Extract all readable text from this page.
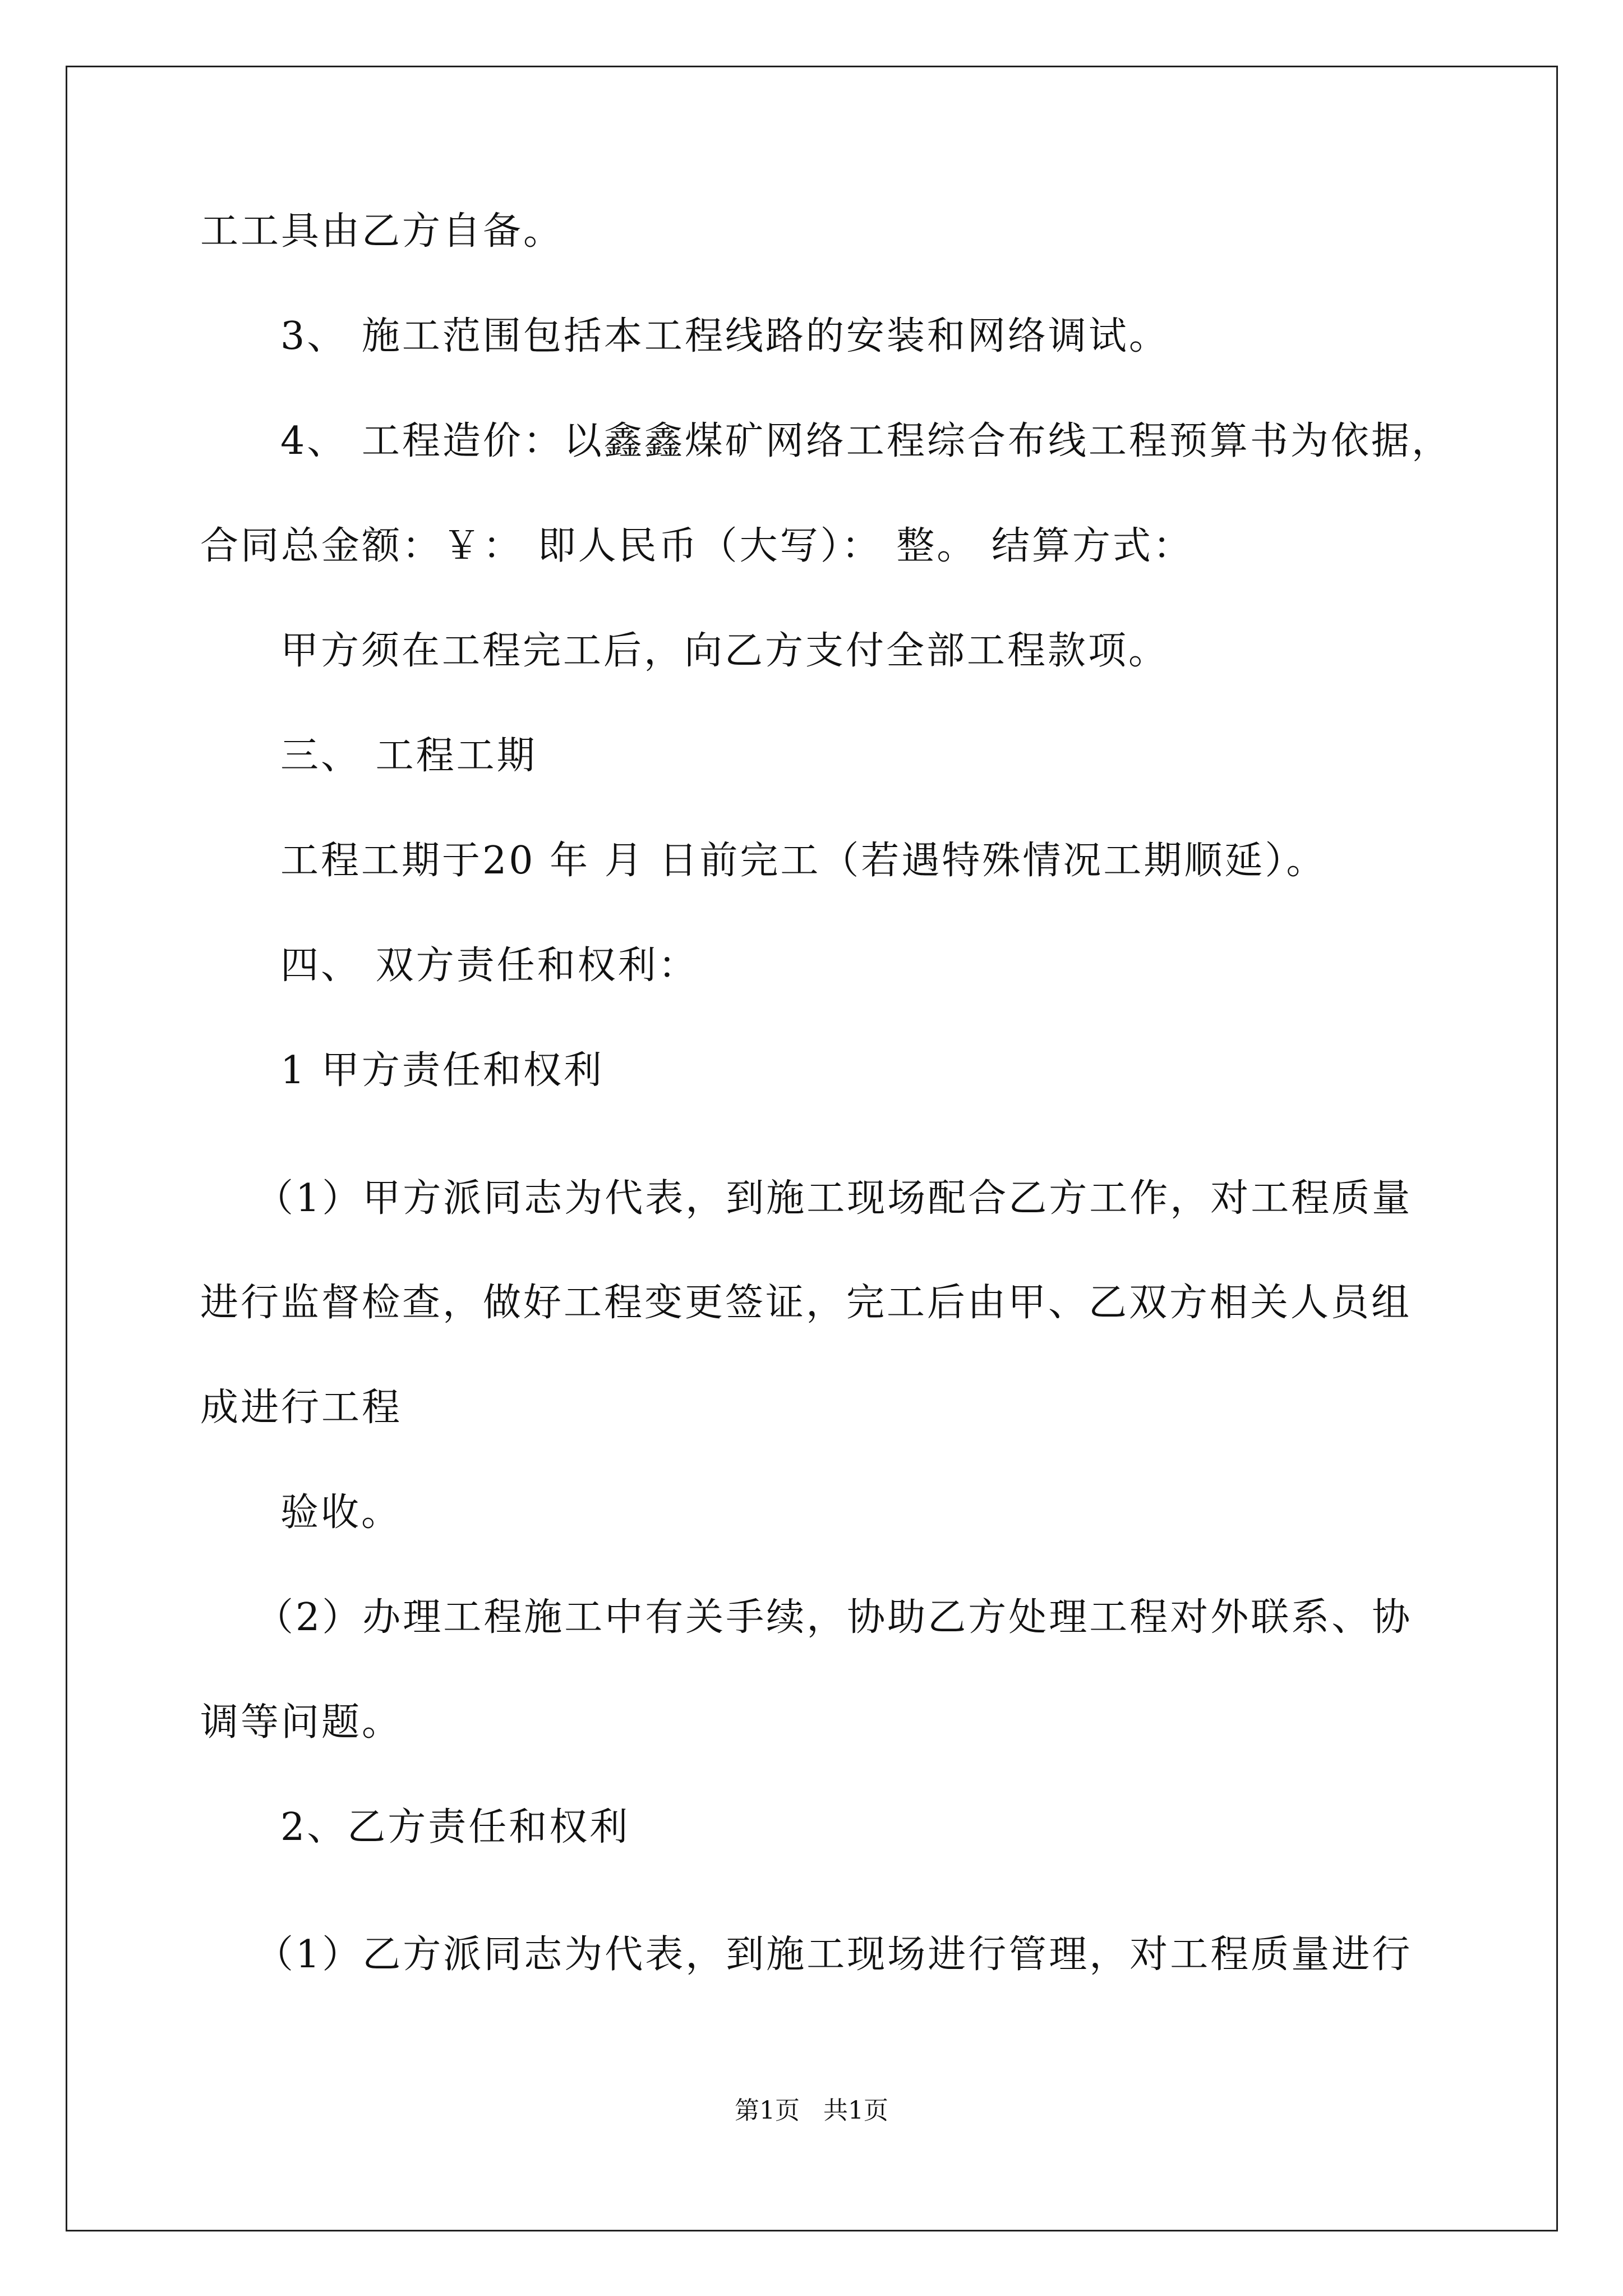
工工具由乙方自备。
3、 施工范围包括本工程线路的安装和网络调试。
4、 工程造价：以鑫鑫煤矿网络工程综合布线工程预算书为依据，
合同总金额：￥： 即人民币（大写）： 整。 结算方式：
甲方须在工程完工后，向乙方支付全部工程款项。
三、 工程工期
工程工期于20 年 月 日前完工（若遇特殊情况工期顺延）。
四、 双方责任和权利：
1 甲方责任和权利
（1）甲方派同志为代表，到施工现场配合乙方工作，对工程质量
进行监督检查，做好工程变更签证，完工后由甲、乙双方相关人员组
成进行工程
验收。
（2）办理工程施工中有关手续，协助乙方处理工程对外联系、协
调等问题。
2、乙方责任和权利
（1）乙方派同志为代表，到施工现场进行管理，对工程质量进行
第1页   共1页
